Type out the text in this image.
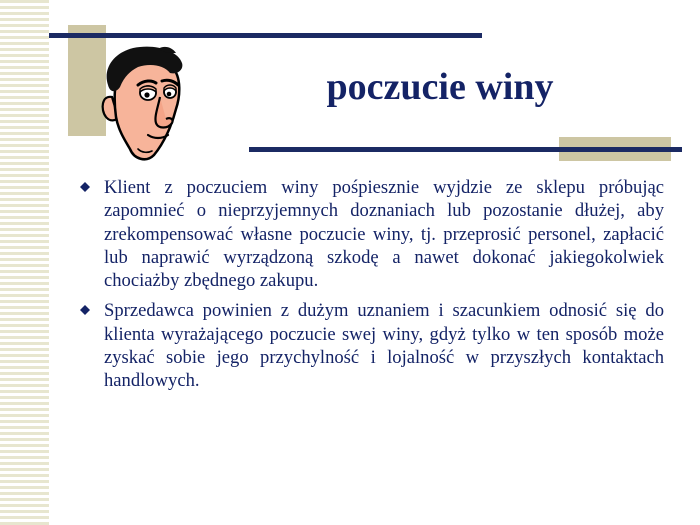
poczucie winy
Klient z poczuciem winy pośpiesznie wyjdzie ze sklepu próbując zapomnieć o nieprzyjemnych doznaniach lub pozostanie dłużej, aby zrekompensować własne poczucie winy, tj. przeprosić personel, zapłacić lub naprawić wyrządzoną szkodę a nawet dokonać jakiegokolwiek chociażby zbędnego zakupu.
Sprzedawca powinien z dużym uznaniem i szacunkiem odnosić się do klienta wyrażającego poczucie swej winy, gdyż tylko w ten sposób może zyskać sobie jego przychylność i lojalność w przyszłych kontaktach handlowych.
